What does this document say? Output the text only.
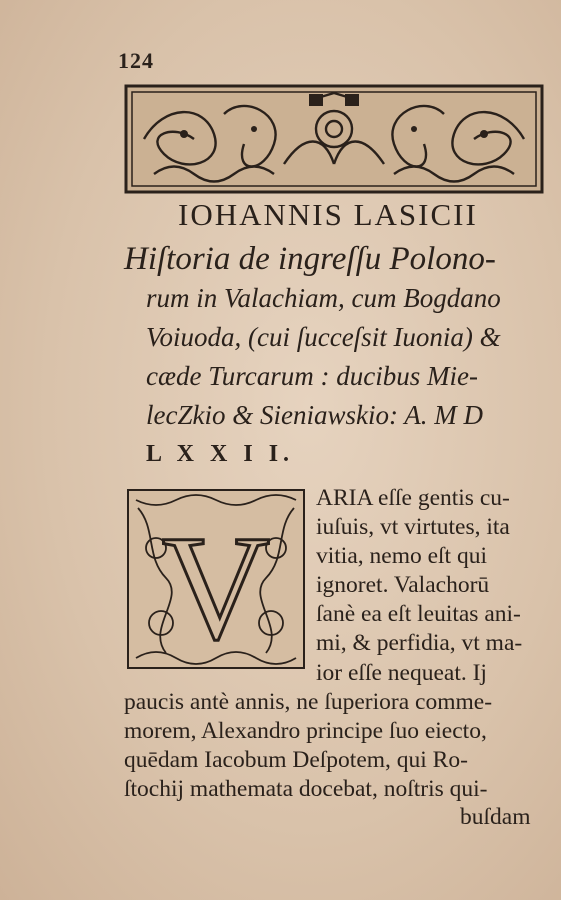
124
IOHANNIS LASICII
Hiſtoria de ingreſſu Polono-
rum in Valachiam, cum Bogdano
Voiuoda, (cui ſucceſsit Iuonia) &
cæde Turcarum : ducibus Mie-
lecZkio & Sieniawskio: A. M D
L X X I I.
V
ARIA eſſe gentis cu-
iuſuis, vt virtutes, ita
vitia, nemo eſt qui
ignoret. Valachorū
ſanè ea eſt leuitas ani-
mi, & perfidia, vt ma-
ior eſſe nequeat. Ij
paucis antè annis, ne ſuperiora comme-
morem, Alexandro principe ſuo eiecto,
quēdam Iacobum Deſpotem, qui Ro-
ſtochij mathemata docebat, noſtris qui-
buſdam
